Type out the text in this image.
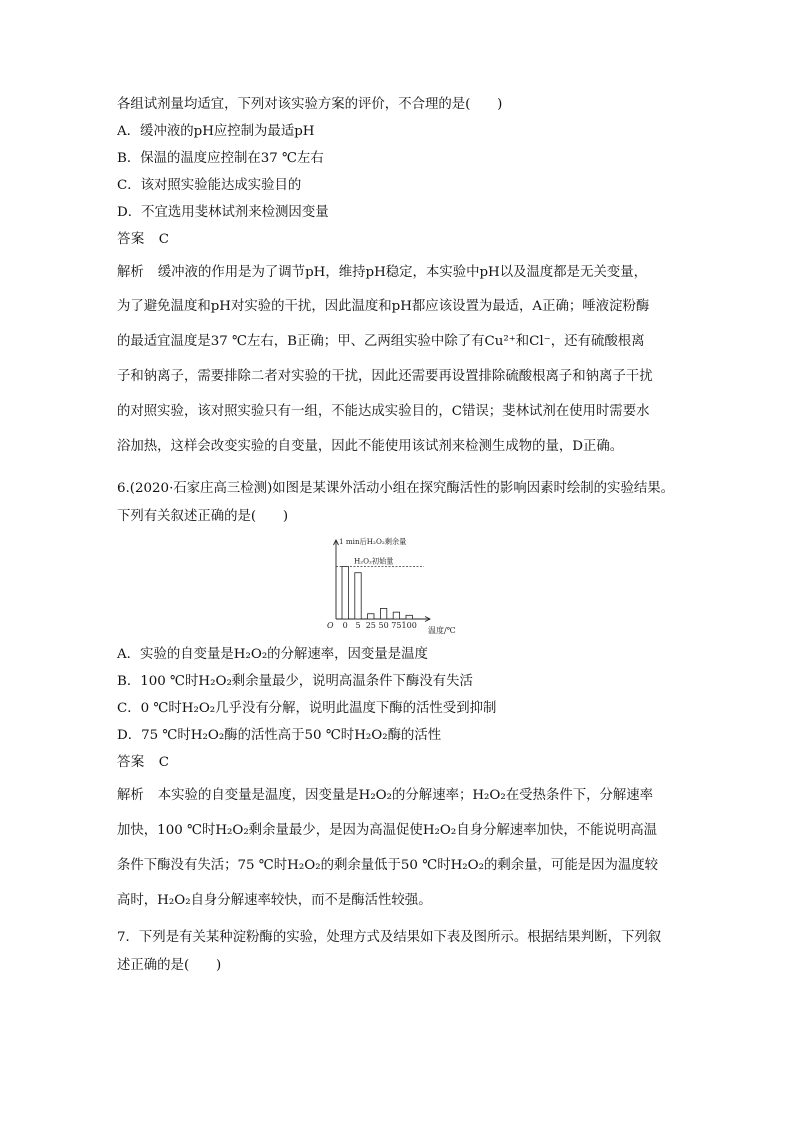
各组试剂量均适宜，下列对该实验方案的评价，不合理的是(　　)
A．缓冲液的pH应控制为最适pH
B．保温的温度应控制在37 ℃左右
C．该对照实验能达成实验目的
D．不宜选用斐林试剂来检测因变量
答案 C
解析 缓冲液的作用是为了调节pH，维持pH稳定，本实验中pH以及温度都是无关变量，
为了避免温度和pH对实验的干扰，因此温度和pH都应该设置为最适，A正确；唾液淀粉酶
的最适宜温度是37 ℃左右，B正确；甲、乙两组实验中除了有Cu²⁺和Cl⁻，还有硫酸根离
子和钠离子，需要排除二者对实验的干扰，因此还需要再设置排除硫酸根离子和钠离子干扰
的对照实验，该对照实验只有一组，不能达成实验目的，C错误；斐林试剂在使用时需要水
浴加热，这样会改变实验的自变量，因此不能使用该试剂来检测生成物的量，D正确。
6.(2020·石家庄高三检测)如图是某课外活动小组在探究酶活性的影响因素时绘制的实验结果。
下列有关叙述正确的是(　　)
1 min后H₂O₂剩余量
温度/℃
O
H₂O₂初始量
0 5 25 50 75 100
A．实验的自变量是H₂O₂的分解速率，因变量是温度
B．100 ℃时H₂O₂剩余量最少，说明高温条件下酶没有失活
C．0 ℃时H₂O₂几乎没有分解，说明此温度下酶的活性受到抑制
D．75 ℃时H₂O₂酶的活性高于50 ℃时H₂O₂酶的活性
答案 C
解析 本实验的自变量是温度，因变量是H₂O₂的分解速率；H₂O₂在受热条件下，分解速率
加快，100 ℃时H₂O₂剩余量最少，是因为高温促使H₂O₂自身分解速率加快，不能说明高温
条件下酶没有失活；75 ℃时H₂O₂的剩余量低于50 ℃时H₂O₂的剩余量，可能是因为温度较
高时，H₂O₂自身分解速率较快，而不是酶活性较强。
7．下列是有关某种淀粉酶的实验，处理方式及结果如下表及图所示。根据结果判断，下列叙
述正确的是(　　)
